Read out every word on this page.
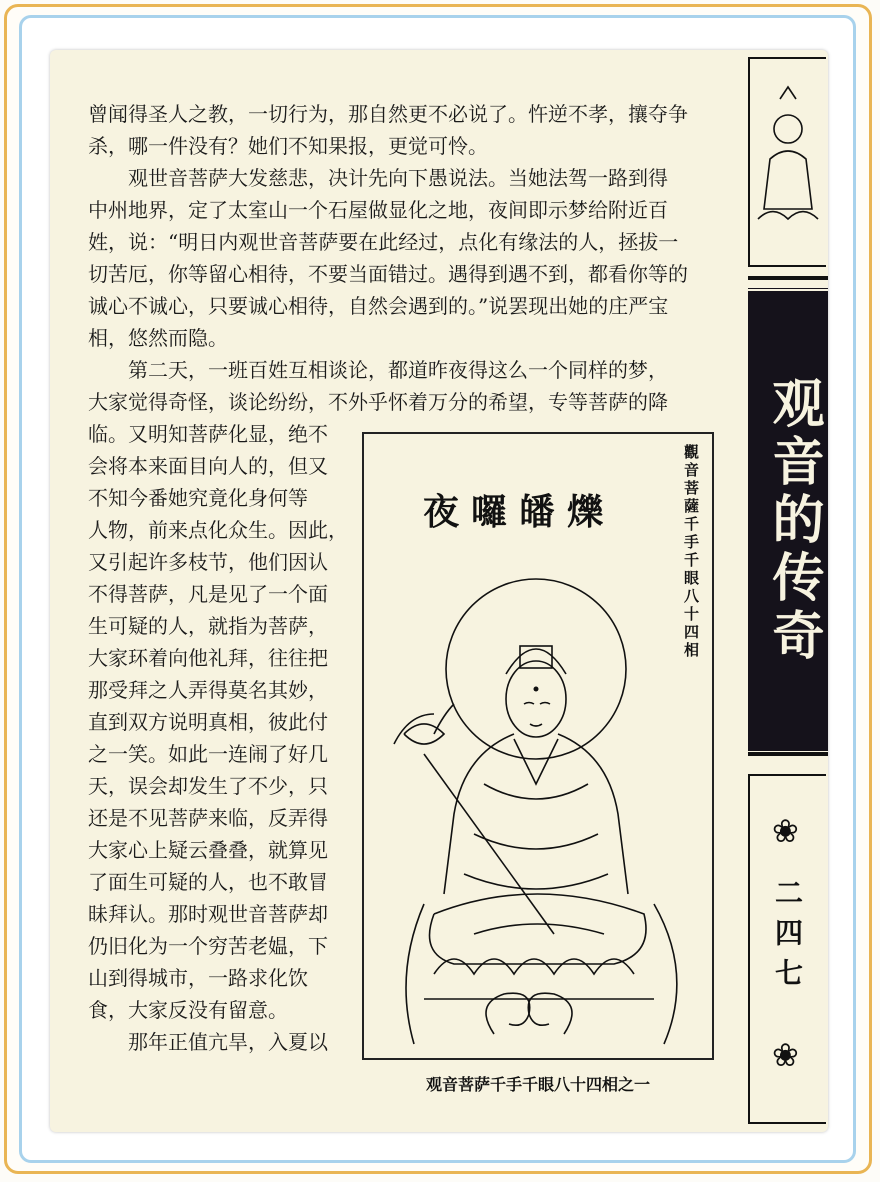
曾闻得圣人之教，一切行为，那自然更不必说了。忤逆不孝，攘夺争
杀，哪一件没有？她们不知果报，更觉可怜。
　　观世音菩萨大发慈悲，决计先向下愚说法。当她法驾一路到得
中州地界，定了太室山一个石屋做显化之地，夜间即示梦给附近百
姓，说：“明日内观世音菩萨要在此经过，点化有缘法的人，拯拔一
切苦厄，你等留心相待，不要当面错过。遇得到遇不到，都看你等的
诚心不诚心，只要诚心相待，自然会遇到的。”说罢现出她的庄严宝
相，悠然而隐。
　　第二天，一班百姓互相谈论，都道昨夜得这么一个同样的梦，
大家觉得奇怪，谈论纷纷，不外乎怀着万分的希望，专等菩萨的降
临。又明知菩萨化显，绝不
会将本来面目向人的，但又
不知今番她究竟化身何等
人物，前来点化众生。因此，
又引起许多枝节，他们因认
不得菩萨，凡是见了一个面
生可疑的人，就指为菩萨，
大家环着向他礼拜，往往把
那受拜之人弄得莫名其妙，
直到双方说明真相，彼此付
之一笑。如此一连闹了好几
天，误会却发生了不少，只
还是不见菩萨来临，反弄得
大家心上疑云叠叠，就算见
了面生可疑的人，也不敢冒
昧拜认。那时观世音菩萨却
仍旧化为一个穷苦老媪，下
山到得城市，一路求化饮
食，大家反没有留意。
　　那年正值亢旱，入夏以
夜囉皤爍	觀音菩薩千手千眼八十四相
观音菩萨千手千眼八十四相之一
观音的传奇
❀
二四七
❀
